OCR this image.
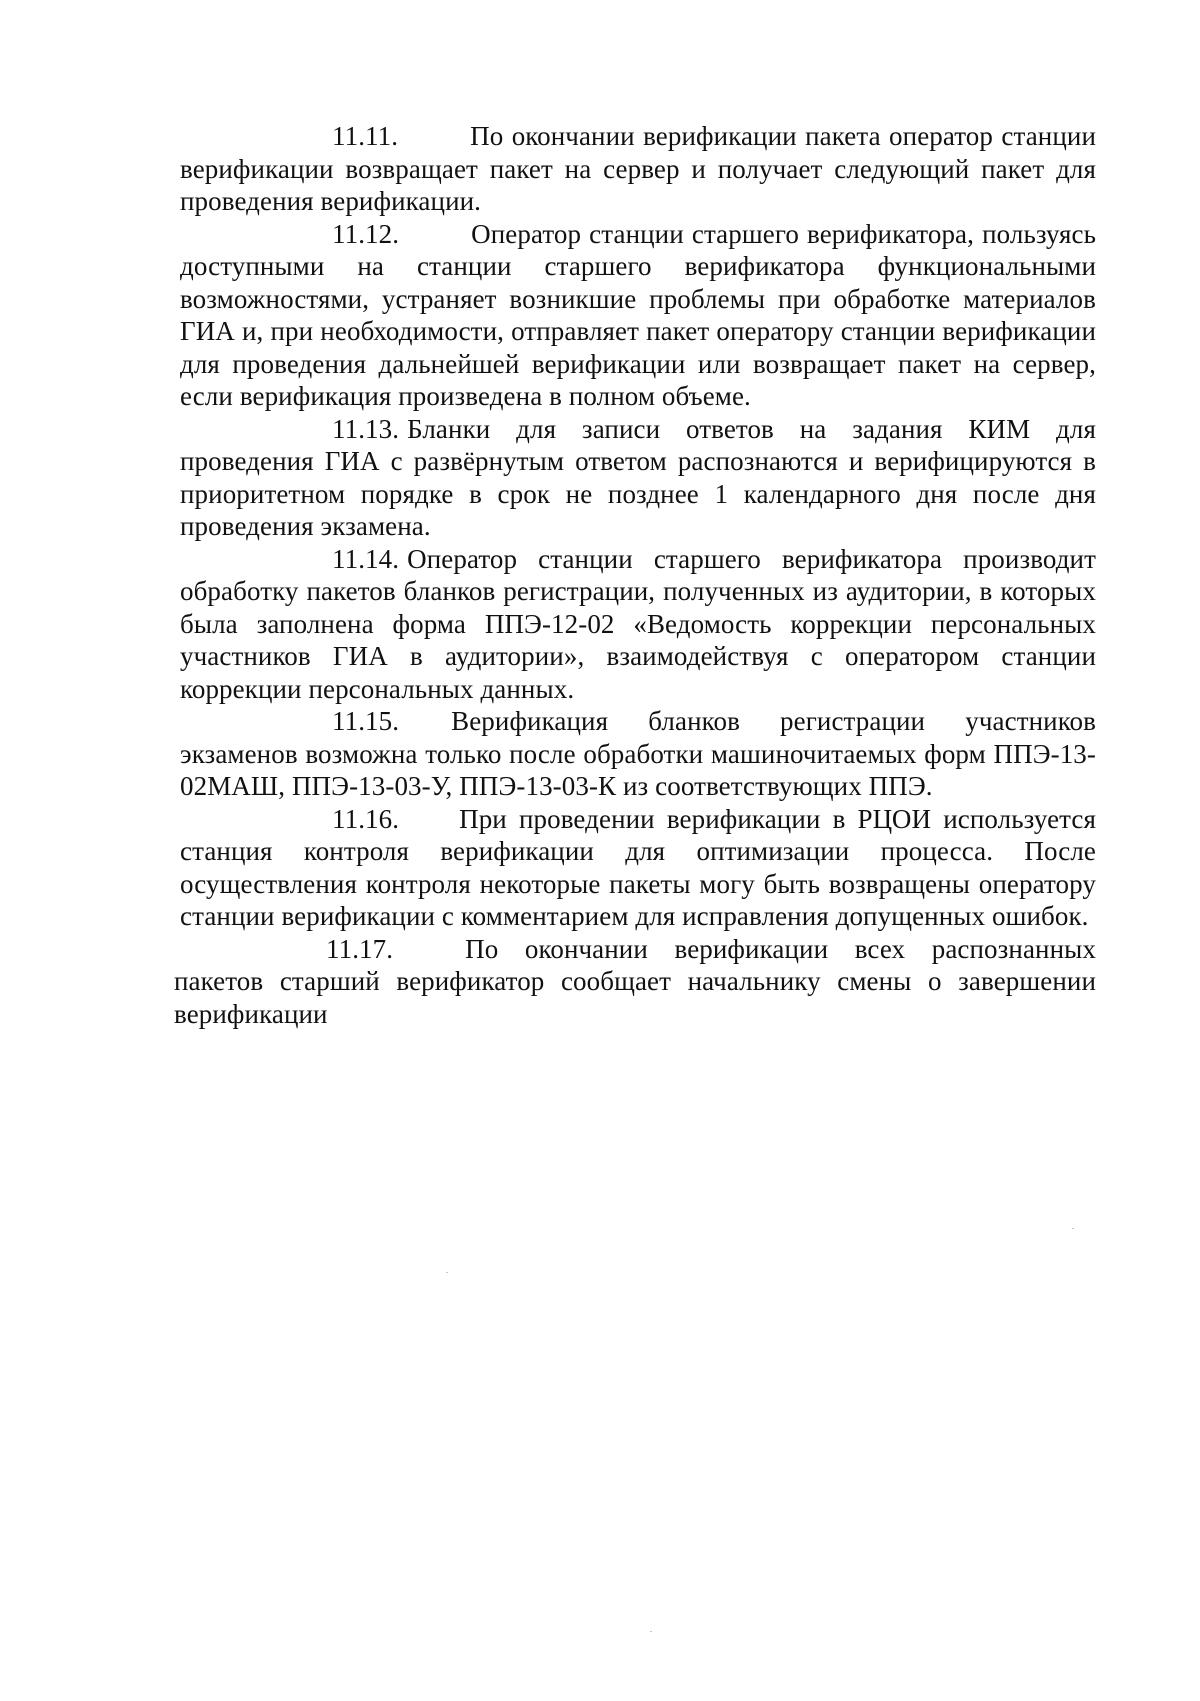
11.11.	По окончании верификации пакета оператор станции верификации возвращает пакет на сервер и получает следующий пакет для проведения верификации.

11.12.	Оператор станции старшего верификатора, пользуясь доступными на станции старшего верификатора функциональными возможностями, устраняет возникшие проблемы при обработке материалов ГИА и, при необходимости, отправляет пакет оператору станции верификации для проведения дальнейшей верификации или возвращает пакет на сервер, если верификация произведена в полном объеме.

11.13. Бланки для записи ответов на задания КИМ для проведения ГИА с развёрнутым ответом распознаются и верифицируются в приоритетном порядке в срок не позднее 1 календарного дня после дня проведения экзамена.

11.14. Оператор станции старшего верификатора производит обработку пакетов бланков регистрации, полученных из аудитории, в которых была заполнена форма ППЭ-12-02 «Ведомость коррекции персональных участников ГИА в аудитории», взаимодействуя с оператором станции коррекции персональных данных.

11.15. Верификация бланков регистрации участников экзаменов возможна только после обработки машиночитаемых форм ППЭ-13-02МАШ, ППЭ-13-03-У, ППЭ-13-03-К из соответствующих ППЭ.

11.16. При проведении верификации в РЦОИ используется станция контроля верификации для оптимизации процесса. После осуществления контроля некоторые пакеты могу быть возвращены оператору станции верификации с комментарием для исправления допущенных ошибок.

11.17.	По окончании верификации всех распознанных пакетов старший верификатор сообщает начальнику смены о завершении верификации
